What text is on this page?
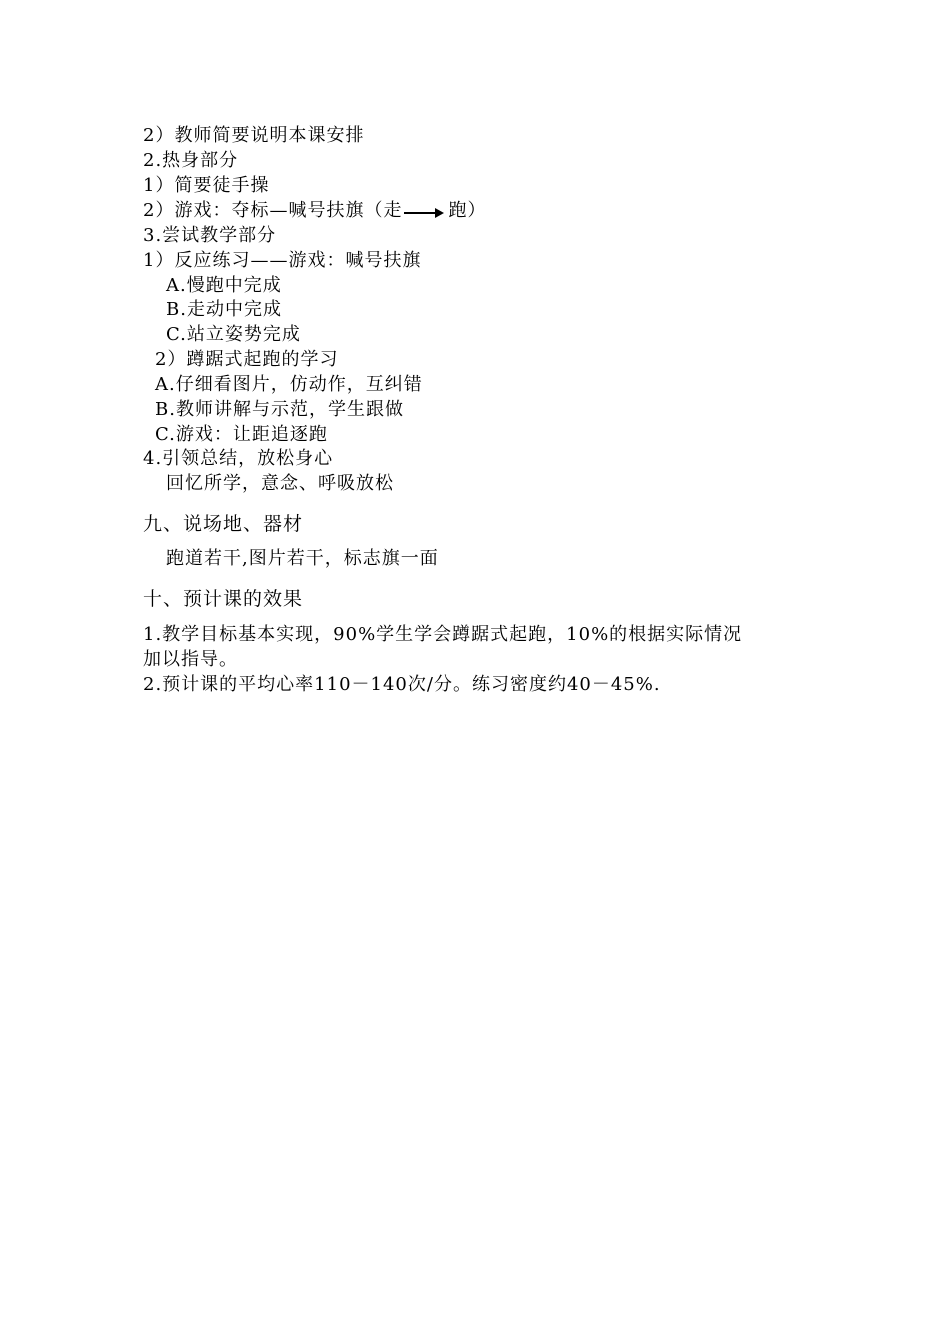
2）教师简要说明本课安排
2.热身部分
1）简要徒手操
2）游戏：夺标—喊号扶旗（走	跑）
3.尝试教学部分
1）反应练习——游戏：喊号扶旗
A.慢跑中完成
B.走动中完成
C.站立姿势完成
2）蹲踞式起跑的学习
A.仔细看图片，仿动作，互纠错
B.教师讲解与示范，学生跟做
C.游戏：让距追逐跑
4.引领总结，放松身心
回忆所学，意念、呼吸放松
九、说场地、器材
跑道若干,图片若干，标志旗一面
十、预计课的效果
1.教学目标基本实现，90%学生学会蹲踞式起跑，10%的根据实际情况
加以指导。
2.预计课的平均心率110－140次/分。练习密度约40－45%.
